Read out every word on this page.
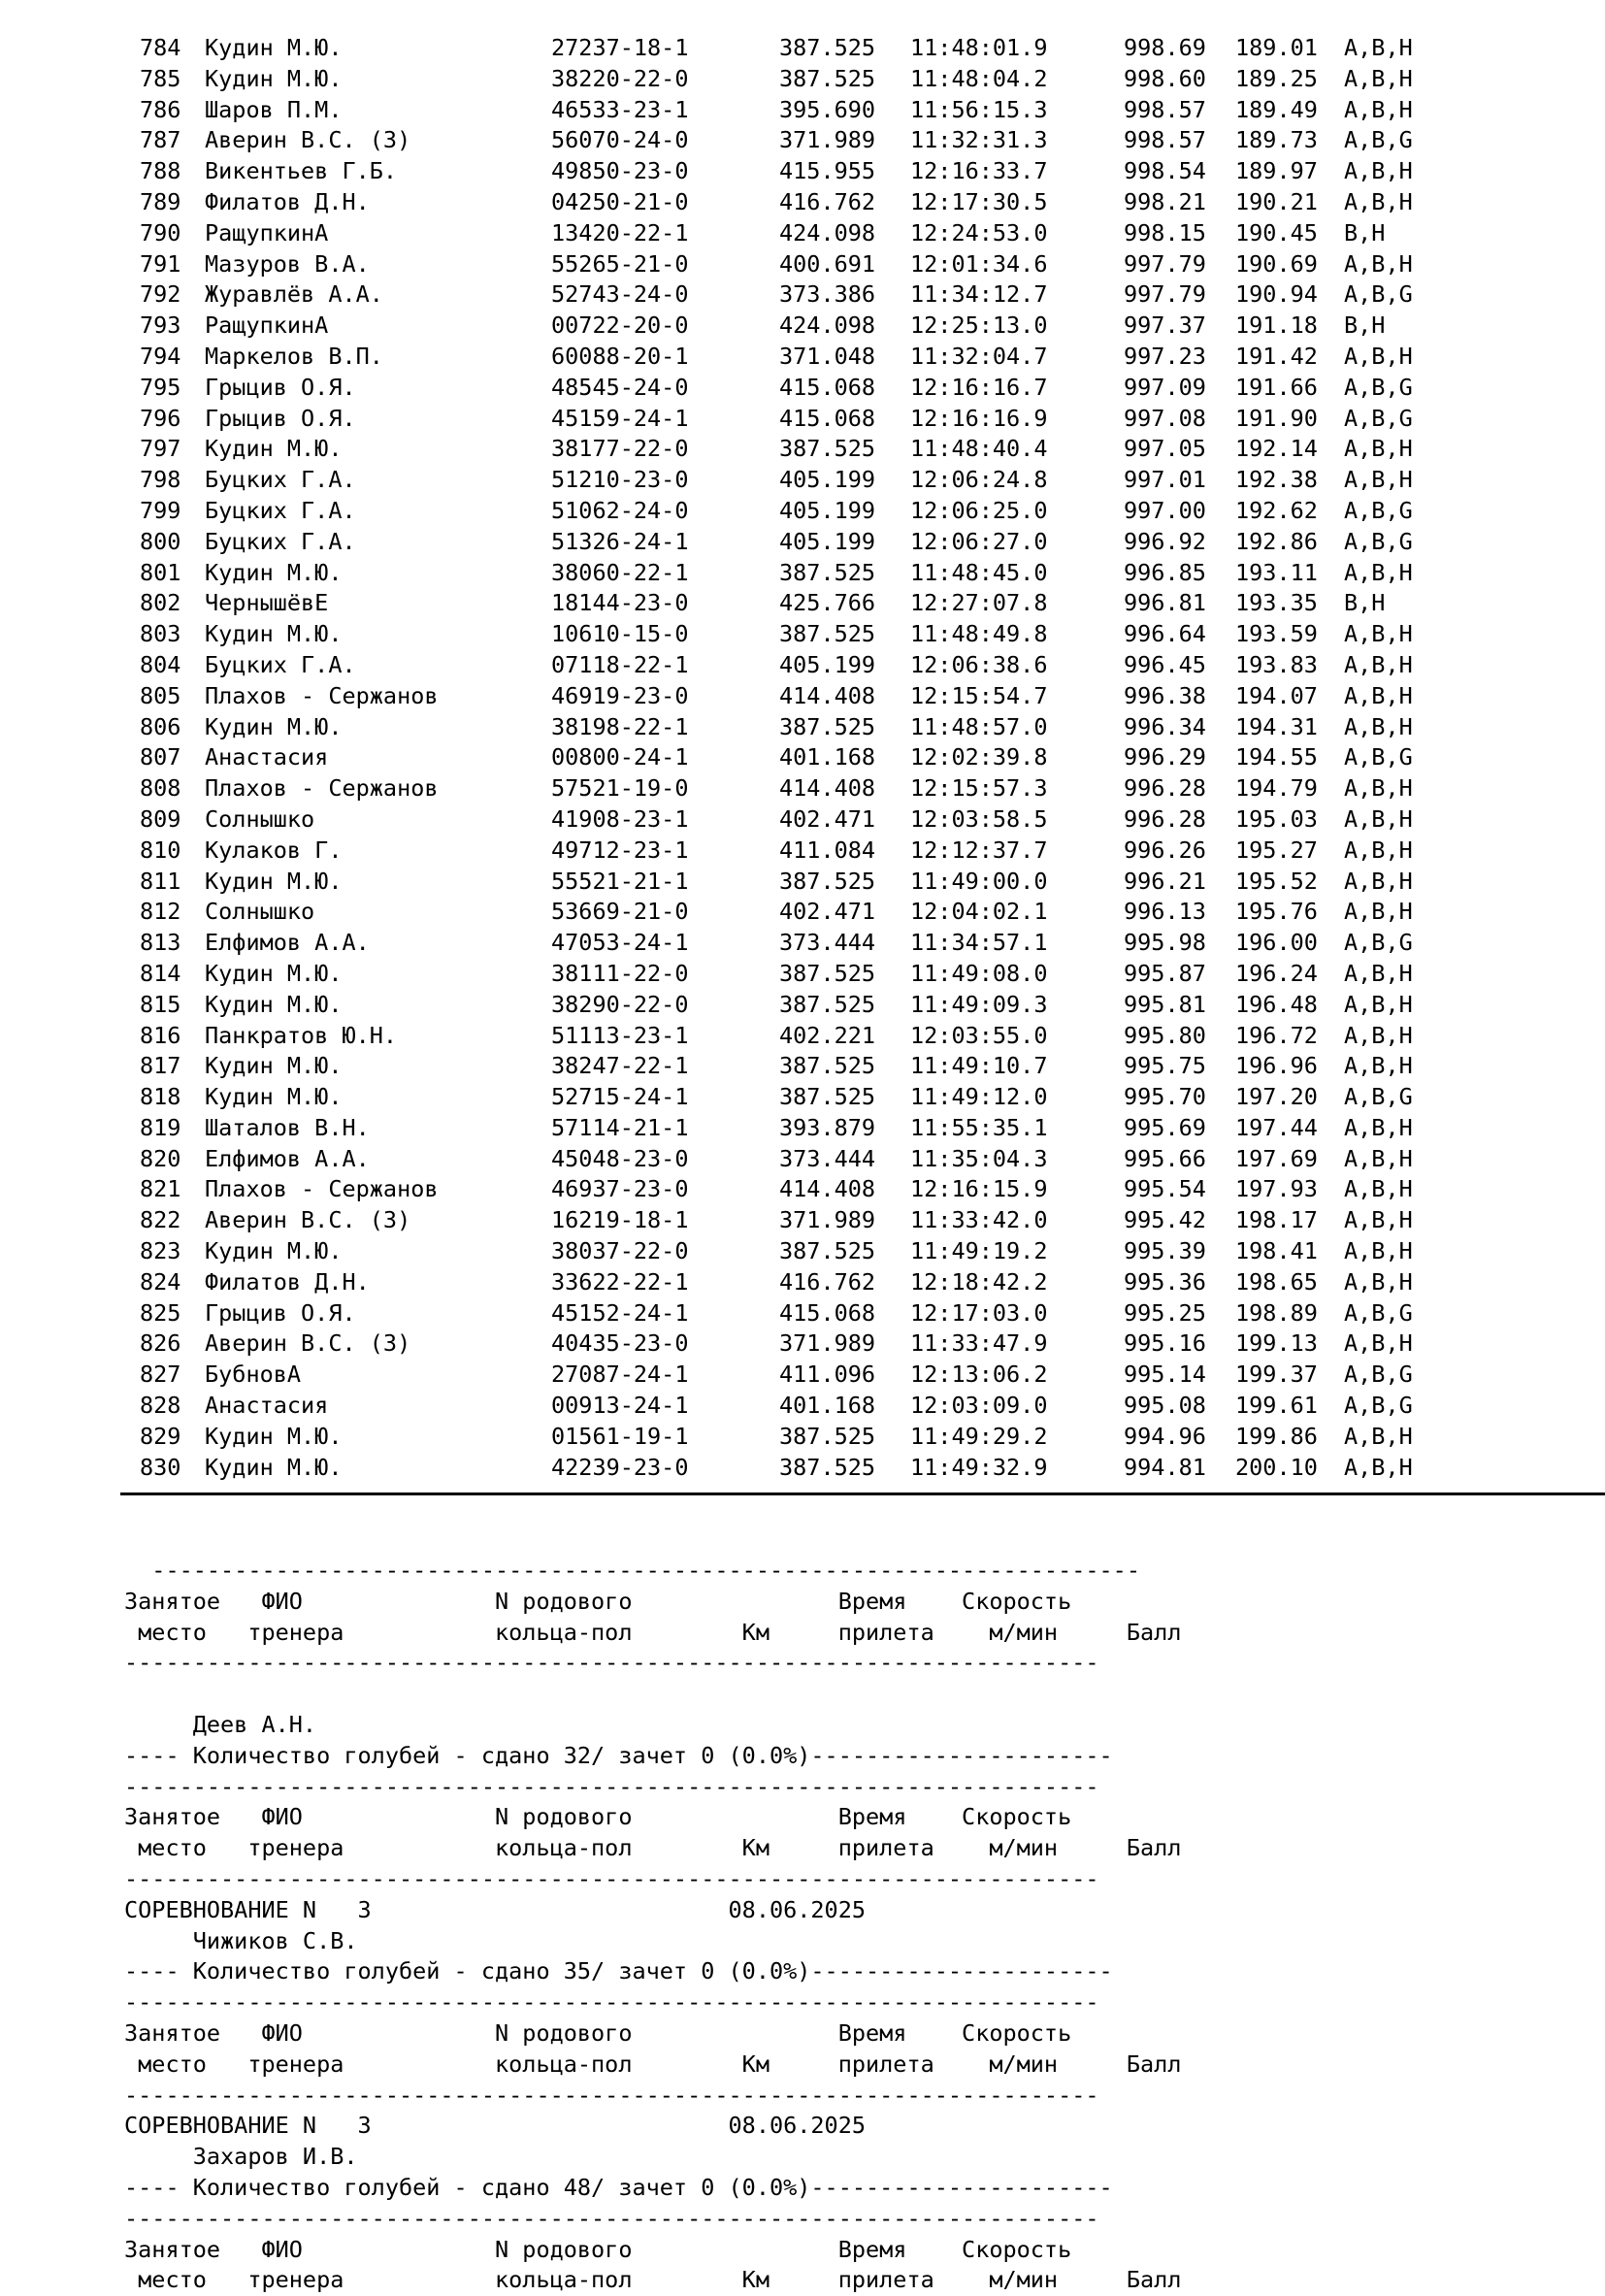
784 Кудин М.Ю.	27237-18-1	387.525 11:48:01.9	998.69 189.01 A,B,H
785 Кудин М.Ю.	38220-22-0	387.525 11:48:04.2	998.60 189.25 A,B,H
786 Шаров П.М.	46533-23-1	395.690 11:56:15.3	998.57 189.49 A,B,H
787 Аверин В.С. (З)	56070-24-0	371.989 11:32:31.3	998.57 189.73 A,B,G
788 Викентьев Г.Б.	49850-23-0	415.955 12:16:33.7	998.54 189.97 A,B,H
789 Филатов Д.Н.	04250-21-0	416.762 12:17:30.5	998.21 190.21 A,B,H
790 РащупкинА	13420-22-1	424.098 12:24:53.0	998.15 190.45 B,H
791 Мазуров В.А.	55265-21-0	400.691 12:01:34.6	997.79 190.69 A,B,H
792 Журавлёв А.А.	52743-24-0	373.386 11:34:12.7	997.79 190.94 A,B,G
793 РащупкинА	00722-20-0	424.098 12:25:13.0	997.37 191.18 B,H
794 Маркелов В.П.	60088-20-1	371.048 11:32:04.7	997.23 191.42 A,B,H
795 Грыцив О.Я.	48545-24-0	415.068 12:16:16.7	997.09 191.66 A,B,G
796 Грыцив О.Я.	45159-24-1	415.068 12:16:16.9	997.08 191.90 A,B,G
797 Кудин М.Ю.	38177-22-0	387.525 11:48:40.4	997.05 192.14 A,B,H
798 Буцких Г.А.	51210-23-0	405.199 12:06:24.8	997.01 192.38 A,B,H
799 Буцких Г.А.	51062-24-0	405.199 12:06:25.0	997.00 192.62 A,B,G
800 Буцких Г.А.	51326-24-1	405.199 12:06:27.0	996.92 192.86 A,B,G
801 Кудин М.Ю.	38060-22-1	387.525 11:48:45.0	996.85 193.11 A,B,H
802 ЧернышёвЕ	18144-23-0	425.766 12:27:07.8	996.81 193.35 B,H
803 Кудин М.Ю.	10610-15-0	387.525 11:48:49.8	996.64 193.59 A,B,H
804 Буцких Г.А.	07118-22-1	405.199 12:06:38.6	996.45 193.83 A,B,H
805 Плахов - Сержанов	46919-23-0	414.408 12:15:54.7	996.38 194.07 A,B,H
806 Кудин М.Ю.	38198-22-1	387.525 11:48:57.0	996.34 194.31 A,B,H
807 Анастасия	00800-24-1	401.168 12:02:39.8	996.29 194.55 A,B,G
808 Плахов - Сержанов	57521-19-0	414.408 12:15:57.3	996.28 194.79 A,B,H
809 Солнышко	41908-23-1	402.471 12:03:58.5	996.28 195.03 A,B,H
810 Кулаков Г.	49712-23-1	411.084 12:12:37.7	996.26 195.27 A,B,H
811 Кудин М.Ю.	55521-21-1	387.525 11:49:00.0	996.21 195.52 A,B,H
812 Солнышко	53669-21-0	402.471 12:04:02.1	996.13 195.76 A,B,H
813 Елфимов А.А.	47053-24-1	373.444 11:34:57.1	995.98 196.00 A,B,G
814 Кудин М.Ю.	38111-22-0	387.525 11:49:08.0	995.87 196.24 A,B,H
815 Кудин М.Ю.	38290-22-0	387.525 11:49:09.3	995.81 196.48 A,B,H
816 Панкратов Ю.Н.	51113-23-1	402.221 12:03:55.0	995.80 196.72 A,B,H
817 Кудин М.Ю.	38247-22-1	387.525 11:49:10.7	995.75 196.96 A,B,H
818 Кудин М.Ю.	52715-24-1	387.525 11:49:12.0	995.70 197.20 A,B,G
819 Шаталов В.Н.	57114-21-1	393.879 11:55:35.1	995.69 197.44 A,B,H
820 Елфимов А.А.	45048-23-0	373.444 11:35:04.3	995.66 197.69 A,B,H
821 Плахов - Сержанов	46937-23-0	414.408 12:16:15.9	995.54 197.93 A,B,H
822 Аверин В.С. (З)	16219-18-1	371.989 11:33:42.0	995.42 198.17 A,B,H
823 Кудин М.Ю.	38037-22-0	387.525 11:49:19.2	995.39 198.41 A,B,H
824 Филатов Д.Н.	33622-22-1	416.762 12:18:42.2	995.36 198.65 A,B,H
825 Грыцив О.Я.	45152-24-1	415.068 12:17:03.0	995.25 198.89 A,B,G
826 Аверин В.С. (З)	40435-23-0	371.989 11:33:47.9	995.16 199.13 A,B,H
827 БубновА	27087-24-1	411.096 12:13:06.2	995.14 199.37 A,B,G
828 Анастасия	00913-24-1	401.168 12:03:09.0	995.08 199.61 A,B,G
829 Кудин М.Ю.	01561-19-1	387.525 11:49:29.2	994.96 199.86 A,B,H
830 Кудин М.Ю.	42239-23-0	387.525 11:49:32.9	994.81 200.10 A,B,H
------------------------------------------------------------------------
Занятое   ФИО              N родового               Время    Скорость
место   тренера           кольца-пол        Км     прилета    м/мин     Балл
-----------------------------------------------------------------------
Деев А.Н.
---- Количество голубей - сдано 32/ зачет 0 (0.0%)----------------------
-----------------------------------------------------------------------
Занятое   ФИО              N родового               Время    Скорость
место   тренера           кольца-пол        Км     прилета    м/мин     Балл
-----------------------------------------------------------------------
СОРЕВНОВАНИЕ N   3                          08.06.2025
Чижиков С.В.
---- Количество голубей - сдано 35/ зачет 0 (0.0%)----------------------
-----------------------------------------------------------------------
Занятое   ФИО              N родового               Время    Скорость
место   тренера           кольца-пол        Км     прилета    м/мин     Балл
-----------------------------------------------------------------------
СОРЕВНОВАНИЕ N   3                          08.06.2025
Захаров И.В.
---- Количество голубей - сдано 48/ зачет 0 (0.0%)----------------------
-----------------------------------------------------------------------
Занятое   ФИО              N родового               Время    Скорость
место   тренера           кольца-пол        Км     прилета    м/мин     Балл
